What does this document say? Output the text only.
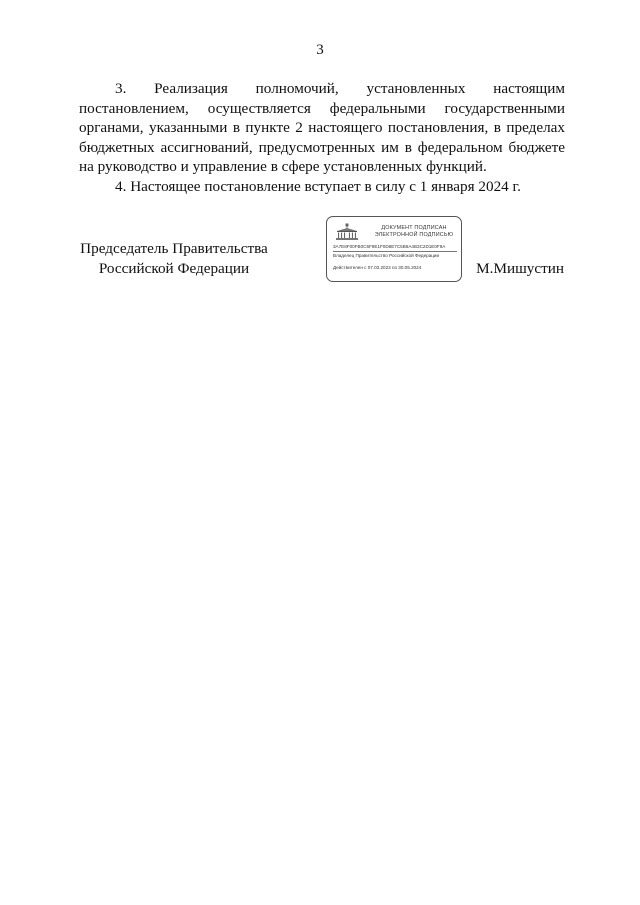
3

3. Реализация полномочий, установленных настоящим постановлением, осуществляется федеральными государственными органами, указанными в пункте 2 настоящего постановления, в пределах бюджетных ассигнований, предусмотренных им в федеральном бюджете на руководство и управление в сфере установленных функций.

4. Настоящее постановление вступает в силу с 1 января 2024 г.

Председатель Правительства
Российской Федерации
ДОКУМЕНТ ПОДПИСАН
ЭЛЕКТРОННОЙ ПОДПИСЬЮ
3A7E8F00FB0C5F9E1F0D8E7C5B6A4B3C2D1E0F9A
Владелец Правительство Российской Федерации
Действителен с 07.03.2023 по 30.05.2024	М.Мишустин
